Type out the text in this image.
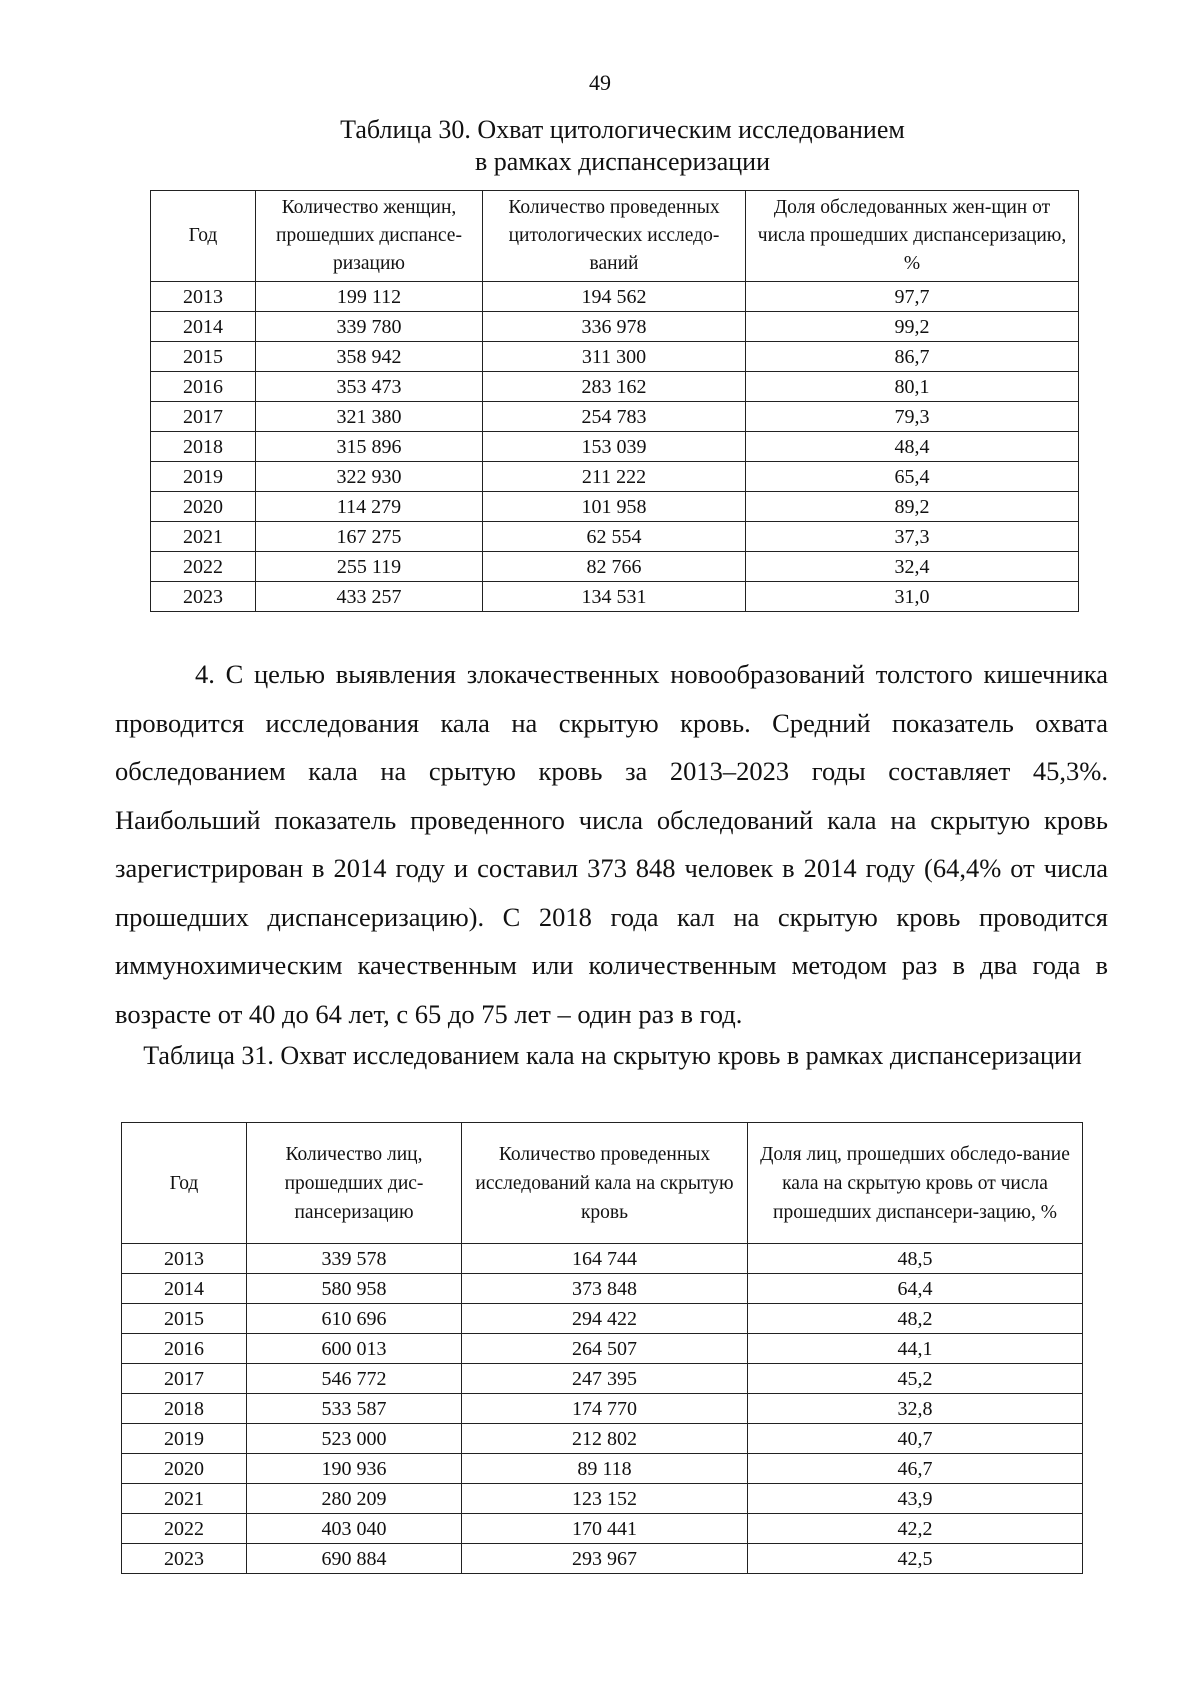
49
Таблица 30. Охват цитологическим исследованием
в рамках диспансеризации
Год	Количество женщин, прошедших диспансе-ризацию	Количество проведенных цитологических исследо-ваний	Доля обследованных жен-щин от числа прошедших диспансеризацию, %
2013	199 112	194 562	97,7
2014	339 780	336 978	99,2
2015	358 942	311 300	86,7
2016	353 473	283 162	80,1
2017	321 380	254 783	79,3
2018	315 896	153 039	48,4
2019	322 930	211 222	65,4
2020	114 279	101 958	89,2
2021	167 275	62 554	37,3
2022	255 119	82 766	32,4
2023	433 257	134 531	31,0

4. С целью выявления злокачественных новообразований толстого кишечника проводится исследования кала на скрытую кровь. Средний показатель охвата обследованием кала на срытую кровь за 2013–2023 годы составляет 45,3%. Наибольший показатель проведенного числа обследований кала на скрытую кровь зарегистрирован в 2014 году и составил 373 848 человек в 2014 году (64,4% от числа прошедших диспансеризацию). С 2018 года кал на скрытую кровь проводится иммунохимическим качественным или количественным методом раз в два года в возрасте от 40 до 64 лет, с 65 до 75 лет – один раз в год.

Таблица 31. Охват исследованием кала на скрытую кровь в рамках диспансеризации
Год	Количество лиц, прошедших дис-пансеризацию	Количество проведенных исследований кала на скрытую кровь	Доля лиц, прошедших обследо-вание кала на скрытую кровь от числа прошедших диспансери-зацию, %
2013	339 578	164 744	48,5
2014	580 958	373 848	64,4
2015	610 696	294 422	48,2
2016	600 013	264 507	44,1
2017	546 772	247 395	45,2
2018	533 587	174 770	32,8
2019	523 000	212 802	40,7
2020	190 936	89 118	46,7
2021	280 209	123 152	43,9
2022	403 040	170 441	42,2
2023	690 884	293 967	42,5
